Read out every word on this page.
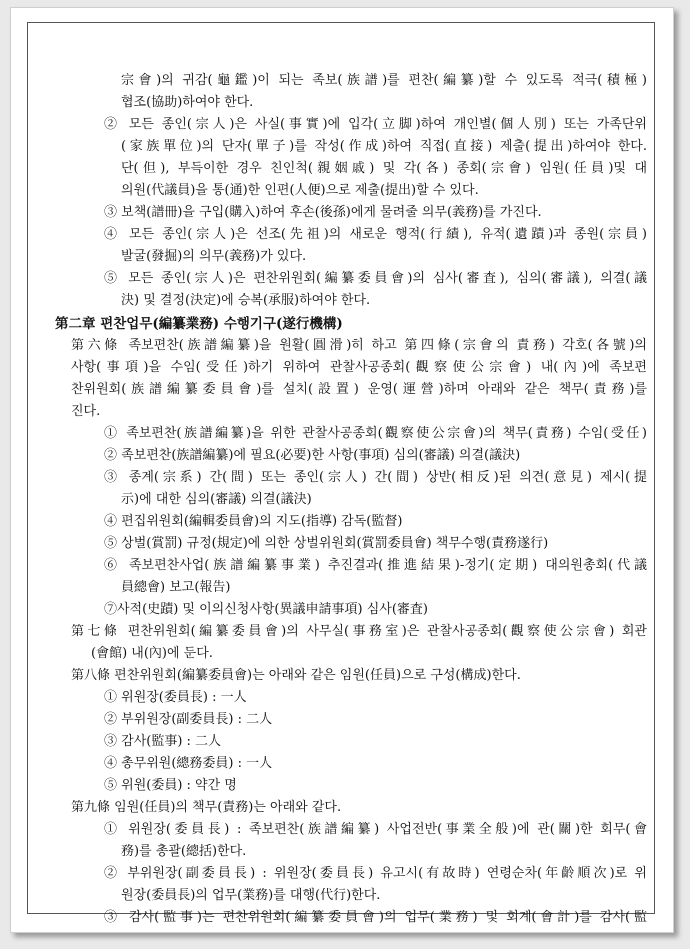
宗會)의 귀감(龜鑑)이 되는 족보(族譜)를 편찬(編纂)할 수 있도록 적극(積極)
협조(協助)하여야 한다.
② 모든 종인(宗人)은 사실(事實)에 입각(立脚)하여 개인별(個人別) 또는 가족단위
(家族單位)의 단자(單子)를 작성(作成)하여 직접(直接) 제출(提出)하여야 한다.
단(但), 부득이한 경우 친인척(親姻戚) 및 각(各) 종회(宗會) 임원(任員)및 대
의원(代議員)을 통(通)한 인편(人便)으로 제출(提出)할 수 있다.
③ 보책(譜冊)을 구입(購入)하여 후손(後孫)에게 물려줄 의무(義務)를 가진다.
④ 모든 종인(宗人)은 선조(先祖)의 새로운 행적(行績), 유적(遺蹟)과 종원(宗員)
발굴(發掘)의 의무(義務)가 있다.
⑤ 모든 종인(宗人)은 편찬위원회(編纂委員會)의 심사(審査), 심의(審議), 의결(議
決) 및 결정(決定)에 승복(承服)하여야 한다.
第二章 편찬업무(編纂業務) 수행기구(遂行機構)
第六條 족보편찬(族譜編纂)을 원활(圓滑)히 하고 第四條(宗會의 責務) 각호(各號)의
사항(事項)을 수임(受任)하기 위하여 관찰사공종회(觀察使公宗會) 내(內)에 족보편
찬위원회(族譜編纂委員會)를 설치(設置) 운영(運營)하며 아래와 같은 책무(責務)를
진다.
① 족보편찬(族譜編纂)을 위한 관찰사공종회(觀察使公宗會)의 책무(責務) 수임(受任)
② 족보편찬(族譜編纂)에 필요(必要)한 사항(事項) 심의(審議) 의결(議決)
③ 종계(宗系) 간(間) 또는 종인(宗人) 간(間) 상반(相反)된 의견(意見) 제시(提
示)에 대한 심의(審議) 의결(議決)
④ 편집위원회(編輯委員會)의 지도(指導) 감독(監督)
⑤ 상벌(賞罰) 규정(規定)에 의한 상벌위원회(賞罰委員會) 책무수행(責務遂行)
⑥ 족보편찬사업(族譜編纂事業) 추진결과(推進結果)-정기(定期) 대의원총회(代議
員總會) 보고(報告)
⑦사적(史蹟) 및 이의신청사항(異議申請事項) 심사(審査)
第七條 편찬위원회(編纂委員會)의 사무실(事務室)은 관찰사공종회(觀察使公宗會) 회관
(會館) 내(內)에 둔다.
第八條 편찬위원회(編纂委員會)는 아래와 같은 임원(任員)으로 구성(構成)한다.
① 위원장(委員長) : 一人
② 부위원장(副委員長) : 二人
③ 감사(監事) : 二人
④ 총무위원(總務委員) : 一人
⑤ 위원(委員) : 약간 명
第九條 임원(任員)의 책무(責務)는 아래와 같다.
① 위원장(委員長) : 족보편찬(族譜編纂) 사업전반(事業全般)에 관(關)한 회무(會
務)를 총괄(總括)한다.
② 부위원장(副委員長) : 위원장(委員長) 유고시(有故時) 연령순차(年齡順次)로 위
원장(委員長)의 업무(業務)를 대행(代行)한다.
③ 감사(監事)는 편찬위원회(編纂委員會)의 업무(業務) 및 회계(會計)를 감사(監
